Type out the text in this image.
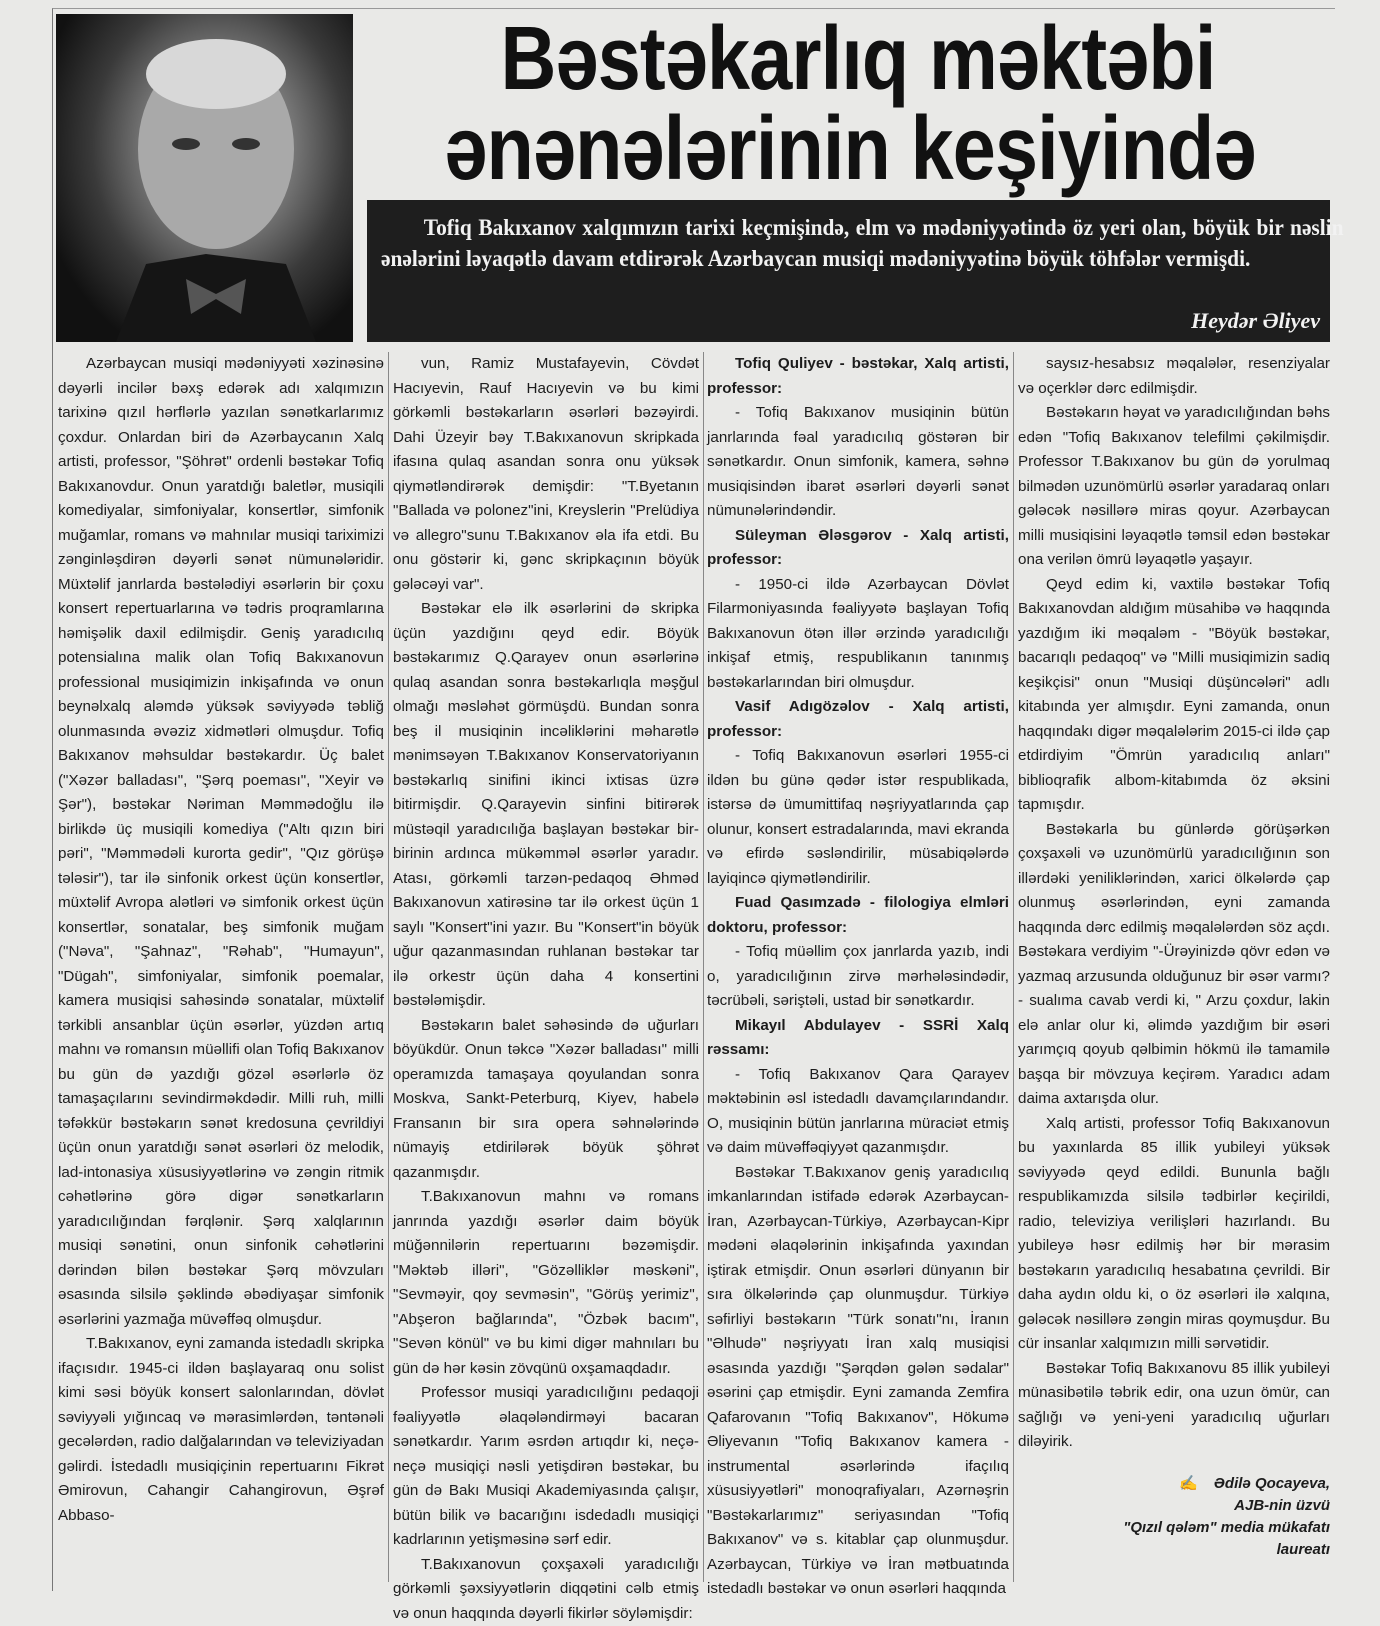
Bəstəkarlıq məktəbi
ənənələrinin keşiyində
Tofiq Bakıxanov xalqımızın tarixi keçmişində, elm və mədəniyyətində öz yeri olan, böyük bir nəslin ənələrini ləyaqətlə davam etdirərək Azərbaycan musiqi mədəniyyətinə böyük töhfələr vermişdi.
Heydər Əliyev

Azərbaycan musiqi mədəniyyəti xəzinəsinə dəyərli incilər bəxş edərək adı xalqımızın tarixinə qızıl hərflərlə yazılan sənətkarlarımız çoxdur. Onlardan biri də Azərbaycanın Xalq artisti, professor, "Şöhrət" ordenli bəstəkar Tofiq Bakıxanovdur. Onun yaratdığı baletlər, musiqili komediyalar, simfoniyalar, konsertlər, simfonik muğamlar, romans və mahnılar musiqi tariximizi zənginləşdirən dəyərli sənət nümunələridir. Müxtəlif janrlarda bəstələdiyi əsərlərin bir çoxu konsert repertuarlarına və tədris proqramlarına həmişəlik daxil edilmişdir. Geniş yaradıcılıq potensialına malik olan Tofiq Bakıxanovun professional musiqimizin inkişafında və onun beynəlxalq aləmdə yüksək səviyyədə təbliğ olunmasında əvəziz xidmətləri olmuşdur. Tofiq Bakıxanov məhsuldar bəstəkardır. Üç balet ("Xəzər balladası", "Şərq poeması", "Xeyir və Şər"), bəstəkar Nəriman Məmmədoğlu ilə birlikdə üç musiqili komediya ("Altı qızın biri pəri", "Məmmədəli kurorta gedir", "Qız görüşə tələsir"), tar ilə sinfonik orkest üçün konsertlər, müxtəlif Avropa alətləri və simfonik orkest üçün konsertlər, sonatalar, beş simfonik muğam ("Nəva", "Şahnaz", "Rəhab", "Humayun", "Dügah", simfoniyalar, simfonik poemalar, kamera musiqisi sahəsində sonatalar, müxtəlif tərkibli ansanblar üçün əsərlər, yüzdən artıq mahnı və romansın müəllifi olan Tofiq Bakıxanov bu gün də yazdığı gözəl əsərlərlə öz tamaşaçılarını sevindirməkdədir. Milli ruh, milli təfəkkür bəstəkarın sənət kredosuna çevrildiyi üçün onun yaratdığı sənət əsərləri öz melodik, lad-intonasiya xüsusiyyətlərinə və zəngin ritmik cəhətlərinə görə digər sənətkarların yaradıcılığından fərqlənir. Şərq xalqlarının musiqi sənətini, onun sinfonik cəhətlərini dərindən bilən bəstəkar Şərq mövzuları əsasında silsilə şəklində əbədiyaşar simfonik əsərlərini yazmağa müvəffəq olmuşdur.

T.Bakıxanov, eyni zamanda istedadlı skripka ifaçısıdır. 1945-ci ildən başlayaraq onu solist kimi səsi böyük konsert salonlarından, dövlət səviyyəli yığıncaq və mərasimlərdən, təntənəli gecələrdən, radio dalğalarından və televiziyadan gəlirdi. İstedadlı musiqiçinin repertuarını Fikrət Əmirovun, Cahangir Cahangirovun, Əşrəf Abbaso-

vun, Ramiz Mustafayevin, Cövdət Hacıyevin, Rauf Hacıyevin və bu kimi görkəmli bəstəkarların əsərləri bəzəyirdi. Dahi Üzeyir bəy T.Bakıxanovun skripkada ifasına qulaq asandan sonra onu yüksək qiymətləndirərək demişdir: "T.Byetanın "Ballada və polonez"ini, Kreyslerin "Prelüdiya və allegro"sunu T.Bakıxanov əla ifa etdi. Bu onu göstərir ki, gənc skripkaçının böyük gələcəyi var".

Bəstəkar elə ilk əsərlərini də skripka üçün yazdığını qeyd edir. Böyük bəstəkarımız Q.Qarayev onun əsərlərinə qulaq asandan sonra bəstəkarlıqla məşğul olmağı məsləhət görmüşdü. Bundan sonra beş il musiqinin incəliklərini məharətlə mənimsəyən T.Bakıxanov Konservatoriyanın bəstəkarlıq sinifini ikinci ixtisas üzrə bitirmişdir. Q.Qarayevin sinfini bitirərək müstəqil yaradıcılığa başlayan bəstəkar bir-birinin ardınca mükəmməl əsərlər yaradır. Atası, görkəmli tarzən-pedaqoq Əhməd Bakıxanovun xatirəsinə tar ilə orkest üçün 1 saylı "Konsert"ini yazır. Bu "Konsert"in böyük uğur qazanmasından ruhlanan bəstəkar tar ilə orkestr üçün daha 4 konsertini bəstələmişdir.

Bəstəkarın balet səhəsində də uğurları böyükdür. Onun təkcə "Xəzər balladası" milli operamızda tamaşaya qoyulandan sonra Moskva, Sankt-Peterburq, Kiyev, habelə Fransanın bir sıra opera səhnələrində nümayiş etdirilərək böyük şöhrət qazanmışdır.

T.Bakıxanovun mahnı və romans janrında yazdığı əsərlər daim böyük müğənnilərin repertuarını bəzəmişdir. "Məktəb illəri", "Gözəlliklər məskəni", "Sevməyir, qoy sevməsin", "Görüş yerimiz", "Abşeron bağlarında", "Özbək bacım", "Sevən könül" və bu kimi digər mahnıları bu gün də hər kəsin zövqünü oxşamaqdadır.

Professor musiqi yaradıcılığını pedaqoji fəaliyyətlə əlaqələndirməyi bacaran sənətkardır. Yarım əsrdən artıqdır ki, neçə-neçə musiqiçi nəsli yetişdirən bəstəkar, bu gün də Bakı Musiqi Akademiyasında çalışır, bütün bilik və bacarığını isdedadlı musiqiçi kadrlarının yetişməsinə sərf edir.

T.Bakıxanovun çoxşaxəli yaradıcılığı görkəmli şəxsiyyətlərin diqqətini cəlb etmiş və onun haqqında dəyərli fikirlər söyləmişdir:

Tofiq Quliyev - bəstəkar, Xalq artisti, professor:

- Tofiq Bakıxanov musiqinin bütün janrlarında fəal yaradıcılıq göstərən bir sənətkardır. Onun simfonik, kamera, səhnə musiqisindən ibarət əsərləri dəyərli sənət nümunələrindəndir.

Süleyman Ələsgərov - Xalq artisti, professor:

- 1950-ci ildə Azərbaycan Dövlət Filarmoniyasında fəaliyyətə başlayan Tofiq Bakıxanovun ötən illər ərzində yaradıcılığı inkişaf etmiş, respublikanın tanınmış bəstəkarlarından biri olmuşdur.

Vasif Adıgözəlov - Xalq artisti, professor:

- Tofiq Bakıxanovun əsərləri 1955-ci ildən bu günə qədər istər respublikada, istərsə də ümumittifaq nəşriyyatlarında çap olunur, konsert estradalarında, mavi ekranda və efirdə səsləndirilir, müsabiqələrdə layiqincə qiymətləndirilir.

Fuad Qasımzadə - filologiya elmləri doktoru, professor:

- Tofiq müəllim çox janrlarda yazıb, indi o, yaradıcılığının zirvə mərhələsindədir, təcrübəli, səriştəli, ustad bir sənətkardır.

Mikayıl Abdulayev - SSRİ Xalq rəssamı:

- Tofiq Bakıxanov Qara Qarayev məktəbinin əsl istedadlı davamçılarındandır. O, musiqinin bütün janrlarına müraciət etmiş və daim müvəffəqiyyət qazanmışdır.

Bəstəkar T.Bakıxanov geniş yaradıcılıq imkanlarından istifadə edərək Azərbaycan-İran, Azərbaycan-Türkiyə, Azərbaycan-Kipr mədəni əlaqələrinin inkişafında yaxından iştirak etmişdir. Onun əsərləri dünyanın bir sıra ölkələrində çap olunmuşdur. Türkiyə səfirliyi bəstəkarın "Türk sonatı"nı, İranın "Əlhudə" nəşriyyatı İran xalq musiqisi əsasında yazdığı "Şərqdən gələn sədalar" əsərini çap etmişdir. Eyni zamanda Zemfira Qafarovanın "Tofiq Bakıxanov", Hökumə Əliyevanın "Tofiq Bakıxanov kamera - instrumental əsərlərində ifaçılıq xüsusiyyətləri" monoqrafiyaları, Azərnəşrin "Bəstəkarlarımız" seriyasından "Tofiq Bakıxanov" və s. kitablar çap olunmuşdur. Azərbaycan, Türkiyə və İran mətbuatında istedadlı bəstəkar və onun əsərləri haqqında

saysız-hesabsız məqalələr, resenziyalar və oçerklər dərc edilmişdir.

Bəstəkarın həyat və yaradıcılığından bəhs edən "Tofiq Bakıxanov telefilmi çəkilmişdir. Professor T.Bakıxanov bu gün də yorulmaq bilmədən uzunömürlü əsərlər yaradaraq onları gələcək nəsillərə miras qoyur. Azərbaycan milli musiqisini ləyaqətlə təmsil edən bəstəkar ona verilən ömrü ləyaqətlə yaşayır.

Qeyd edim ki, vaxtilə bəstəkar Tofiq Bakıxanovdan aldığım müsahibə və haqqında yazdığım iki məqaləm - "Böyük bəstəkar, bacarıqlı pedaqoq" və "Milli musiqimizin sadiq keşikçisi" onun "Musiqi düşüncələri" adlı kitabında yer almışdır. Eyni zamanda, onun haqqındakı digər məqalələrim 2015-ci ildə çap etdirdiyim "Ömrün yaradıcılıq anları" biblioqrafik albom-kitabımda öz əksini tapmışdır.

Bəstəkarla bu günlərdə görüşərkən çoxşaxəli və uzunömürlü yaradıcılığının son illərdəki yeniliklərindən, xarici ölkələrdə çap olunmuş əsərlərindən, eyni zamanda haqqında dərc edilmiş məqalələrdən söz açdı. Bəstəkara verdiyim "-Ürəyinizdə qövr edən və yazmaq arzusunda olduğunuz bir əsər varmı?- sualıma cavab verdi ki, " Arzu çoxdur, lakin elə anlar olur ki, əlimdə yazdığım bir əsəri yarımçıq qoyub qəlbimin hökmü ilə tamamilə başqa bir mövzuya keçirəm. Yaradıcı adam daima axtarışda olur.

Xalq artisti, professor Tofiq Bakıxanovun bu yaxınlarda 85 illik yubileyi yüksək səviyyədə qeyd edildi. Bununla bağlı respublikamızda silsilə tədbirlər keçirildi, radio, televiziya verilişləri hazırlandı. Bu yubileyə həsr edilmiş hər bir mərasim bəstəkarın yaradıcılıq hesabatına çevrildi. Bir daha aydın oldu ki, o öz əsərləri ilə xalqına, gələcək nəsillərə zəngin miras qoymuşdur. Bu cür insanlar xalqımızın milli sərvətidir.

Bəstəkar Tofiq Bakıxanovu 85 illik yubileyi münasibətilə təbrik edir, ona uzun ömür, can sağlığı və yeni-yeni yaradıcılıq uğurları diləyirik.

✍ Ədilə Qocayeva,
AJB-nin üzvü
"Qızıl qələm" media mükafatı
laureatı
